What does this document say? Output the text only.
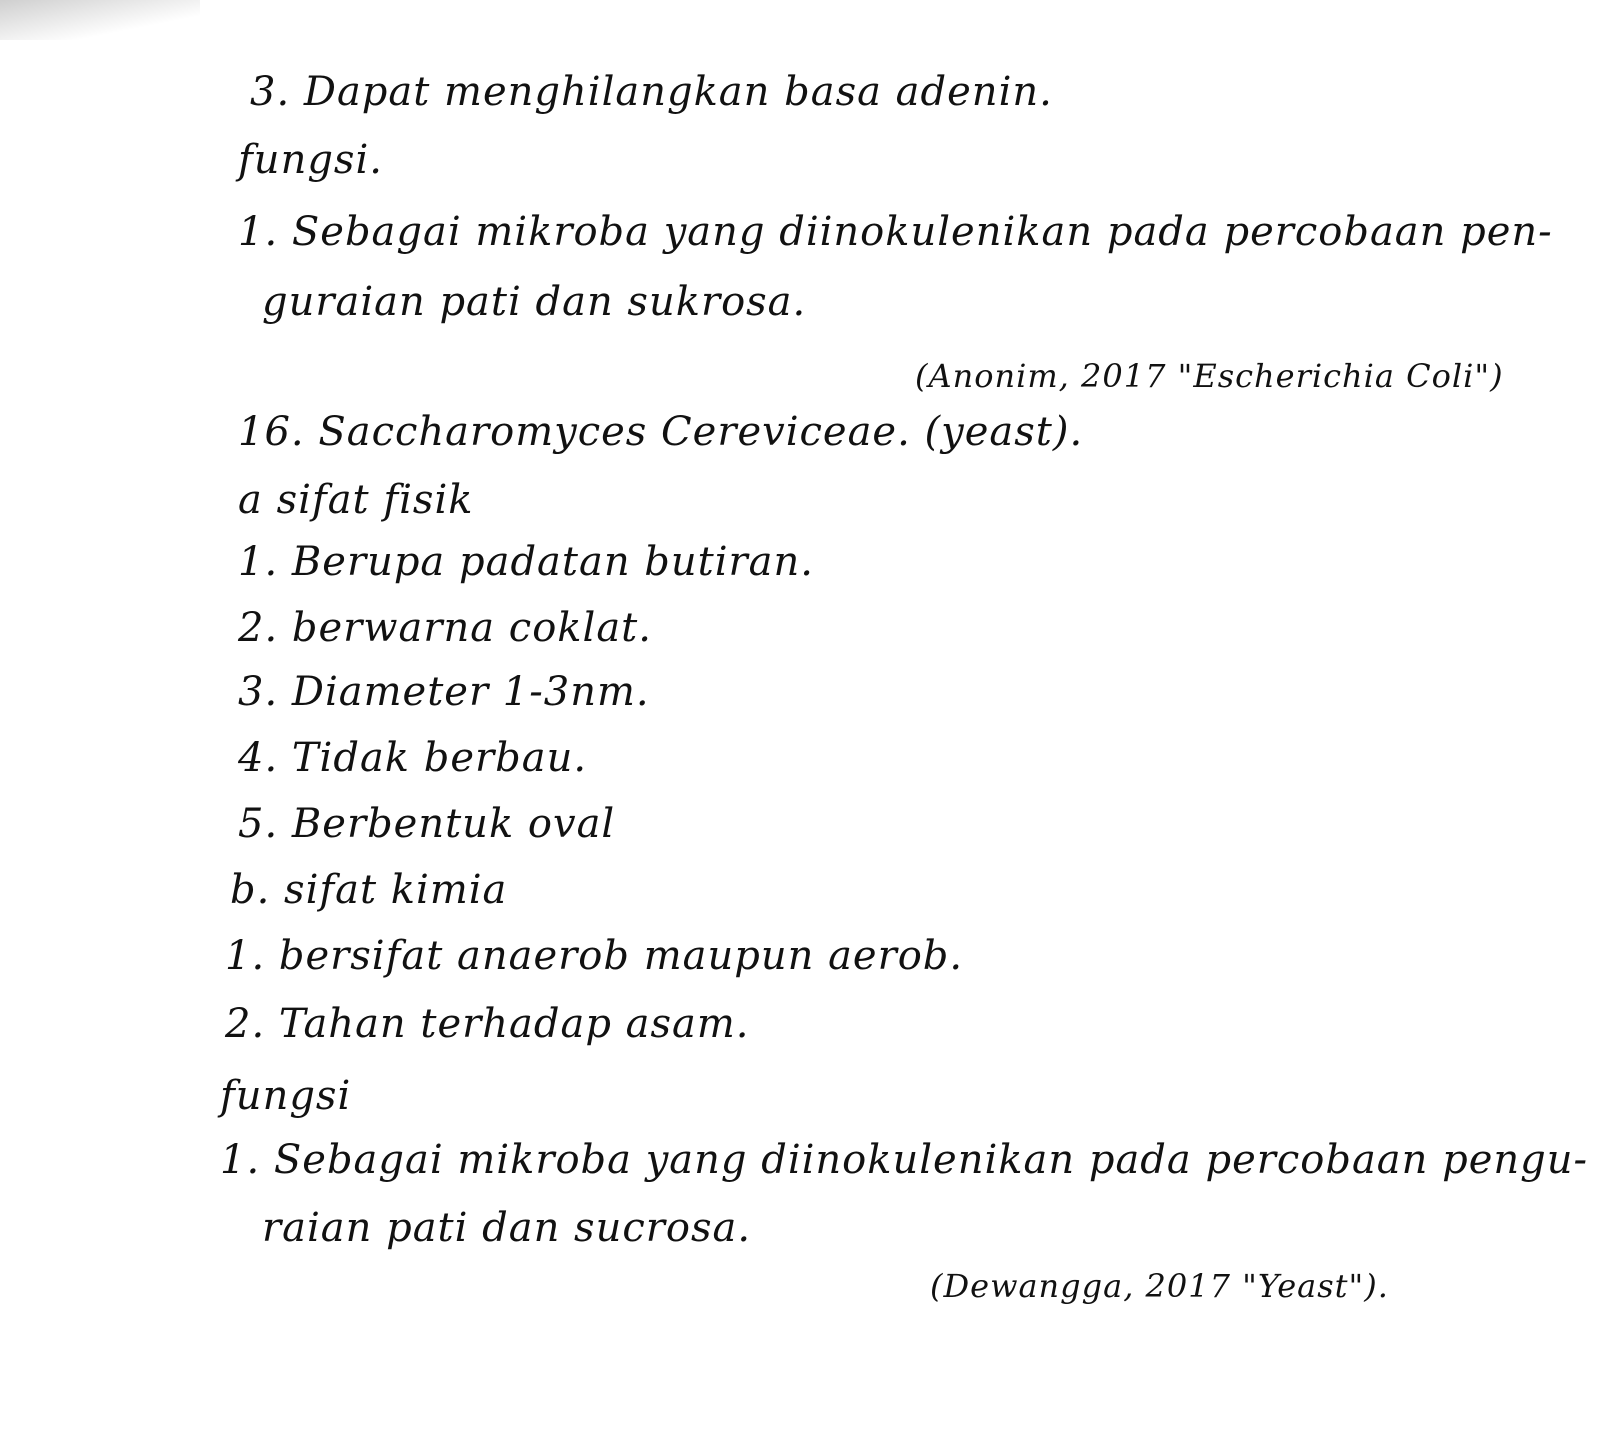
3. Dapat menghilangkan basa adenin.
fungsi.
1. Sebagai mikroba yang diinokulenikan pada percobaan pen-
guraian pati dan sukrosa.
(Anonim, 2017 "Escherichia Coli")
16. Saccharomyces Cereviceae. (yeast).
a sifat fisik
1. Berupa padatan butiran.
2. berwarna coklat.
3. Diameter 1-3nm.
4. Tidak berbau.
5. Berbentuk oval
b. sifat kimia
1. bersifat anaerob maupun aerob.
2. Tahan terhadap asam.
fungsi
1. Sebagai mikroba yang diinokulenikan pada percobaan pengu-
raian pati dan sucrosa.
(Dewangga, 2017 "Yeast").
